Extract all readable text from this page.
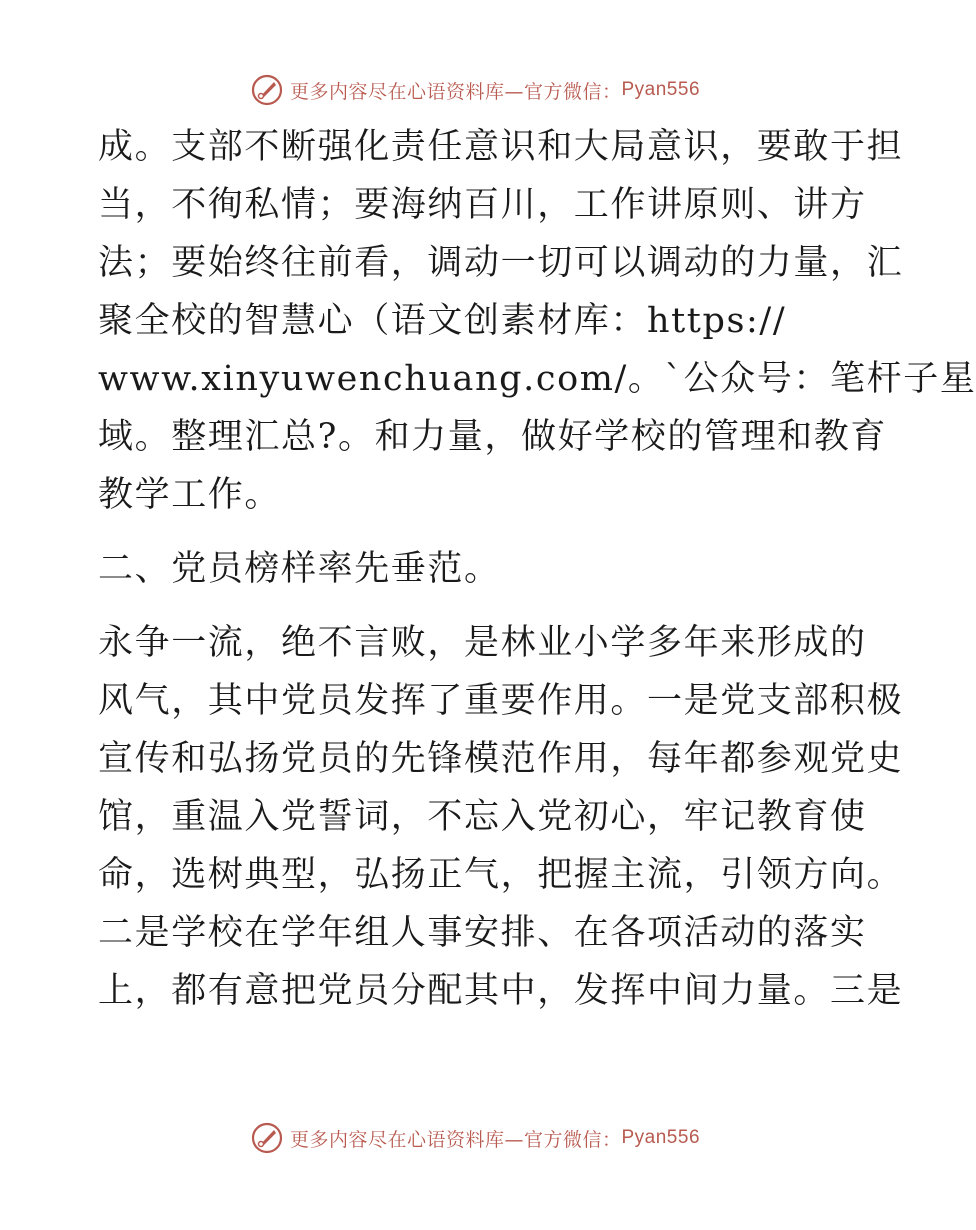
更多内容尽在心语资料库—官方微信： Pyan556
成。支部不断强化责任意识和大局意识，要敢于担
当，不徇私情；要海纳百川，工作讲原则、讲方
法；要始终往前看，调动一切可以调动的力量，汇
聚全校的智慧心（语文创素材库：https://
www.xinyuwenchuang.com/。`公众号：笔杆子星
域。整理汇总?。和力量，做好学校的管理和教育
教学工作。
二、党员榜样率先垂范。
永争一流，绝不言败，是林业小学多年来形成的
风气，其中党员发挥了重要作用。一是党支部积极
宣传和弘扬党员的先锋模范作用，每年都参观党史
馆，重温入党誓词，不忘入党初心，牢记教育使
命，选树典型，弘扬正气，把握主流，引领方向。
二是学校在学年组人事安排、在各项活动的落实
上，都有意把党员分配其中，发挥中间力量。三是
更多内容尽在心语资料库—官方微信： Pyan556
